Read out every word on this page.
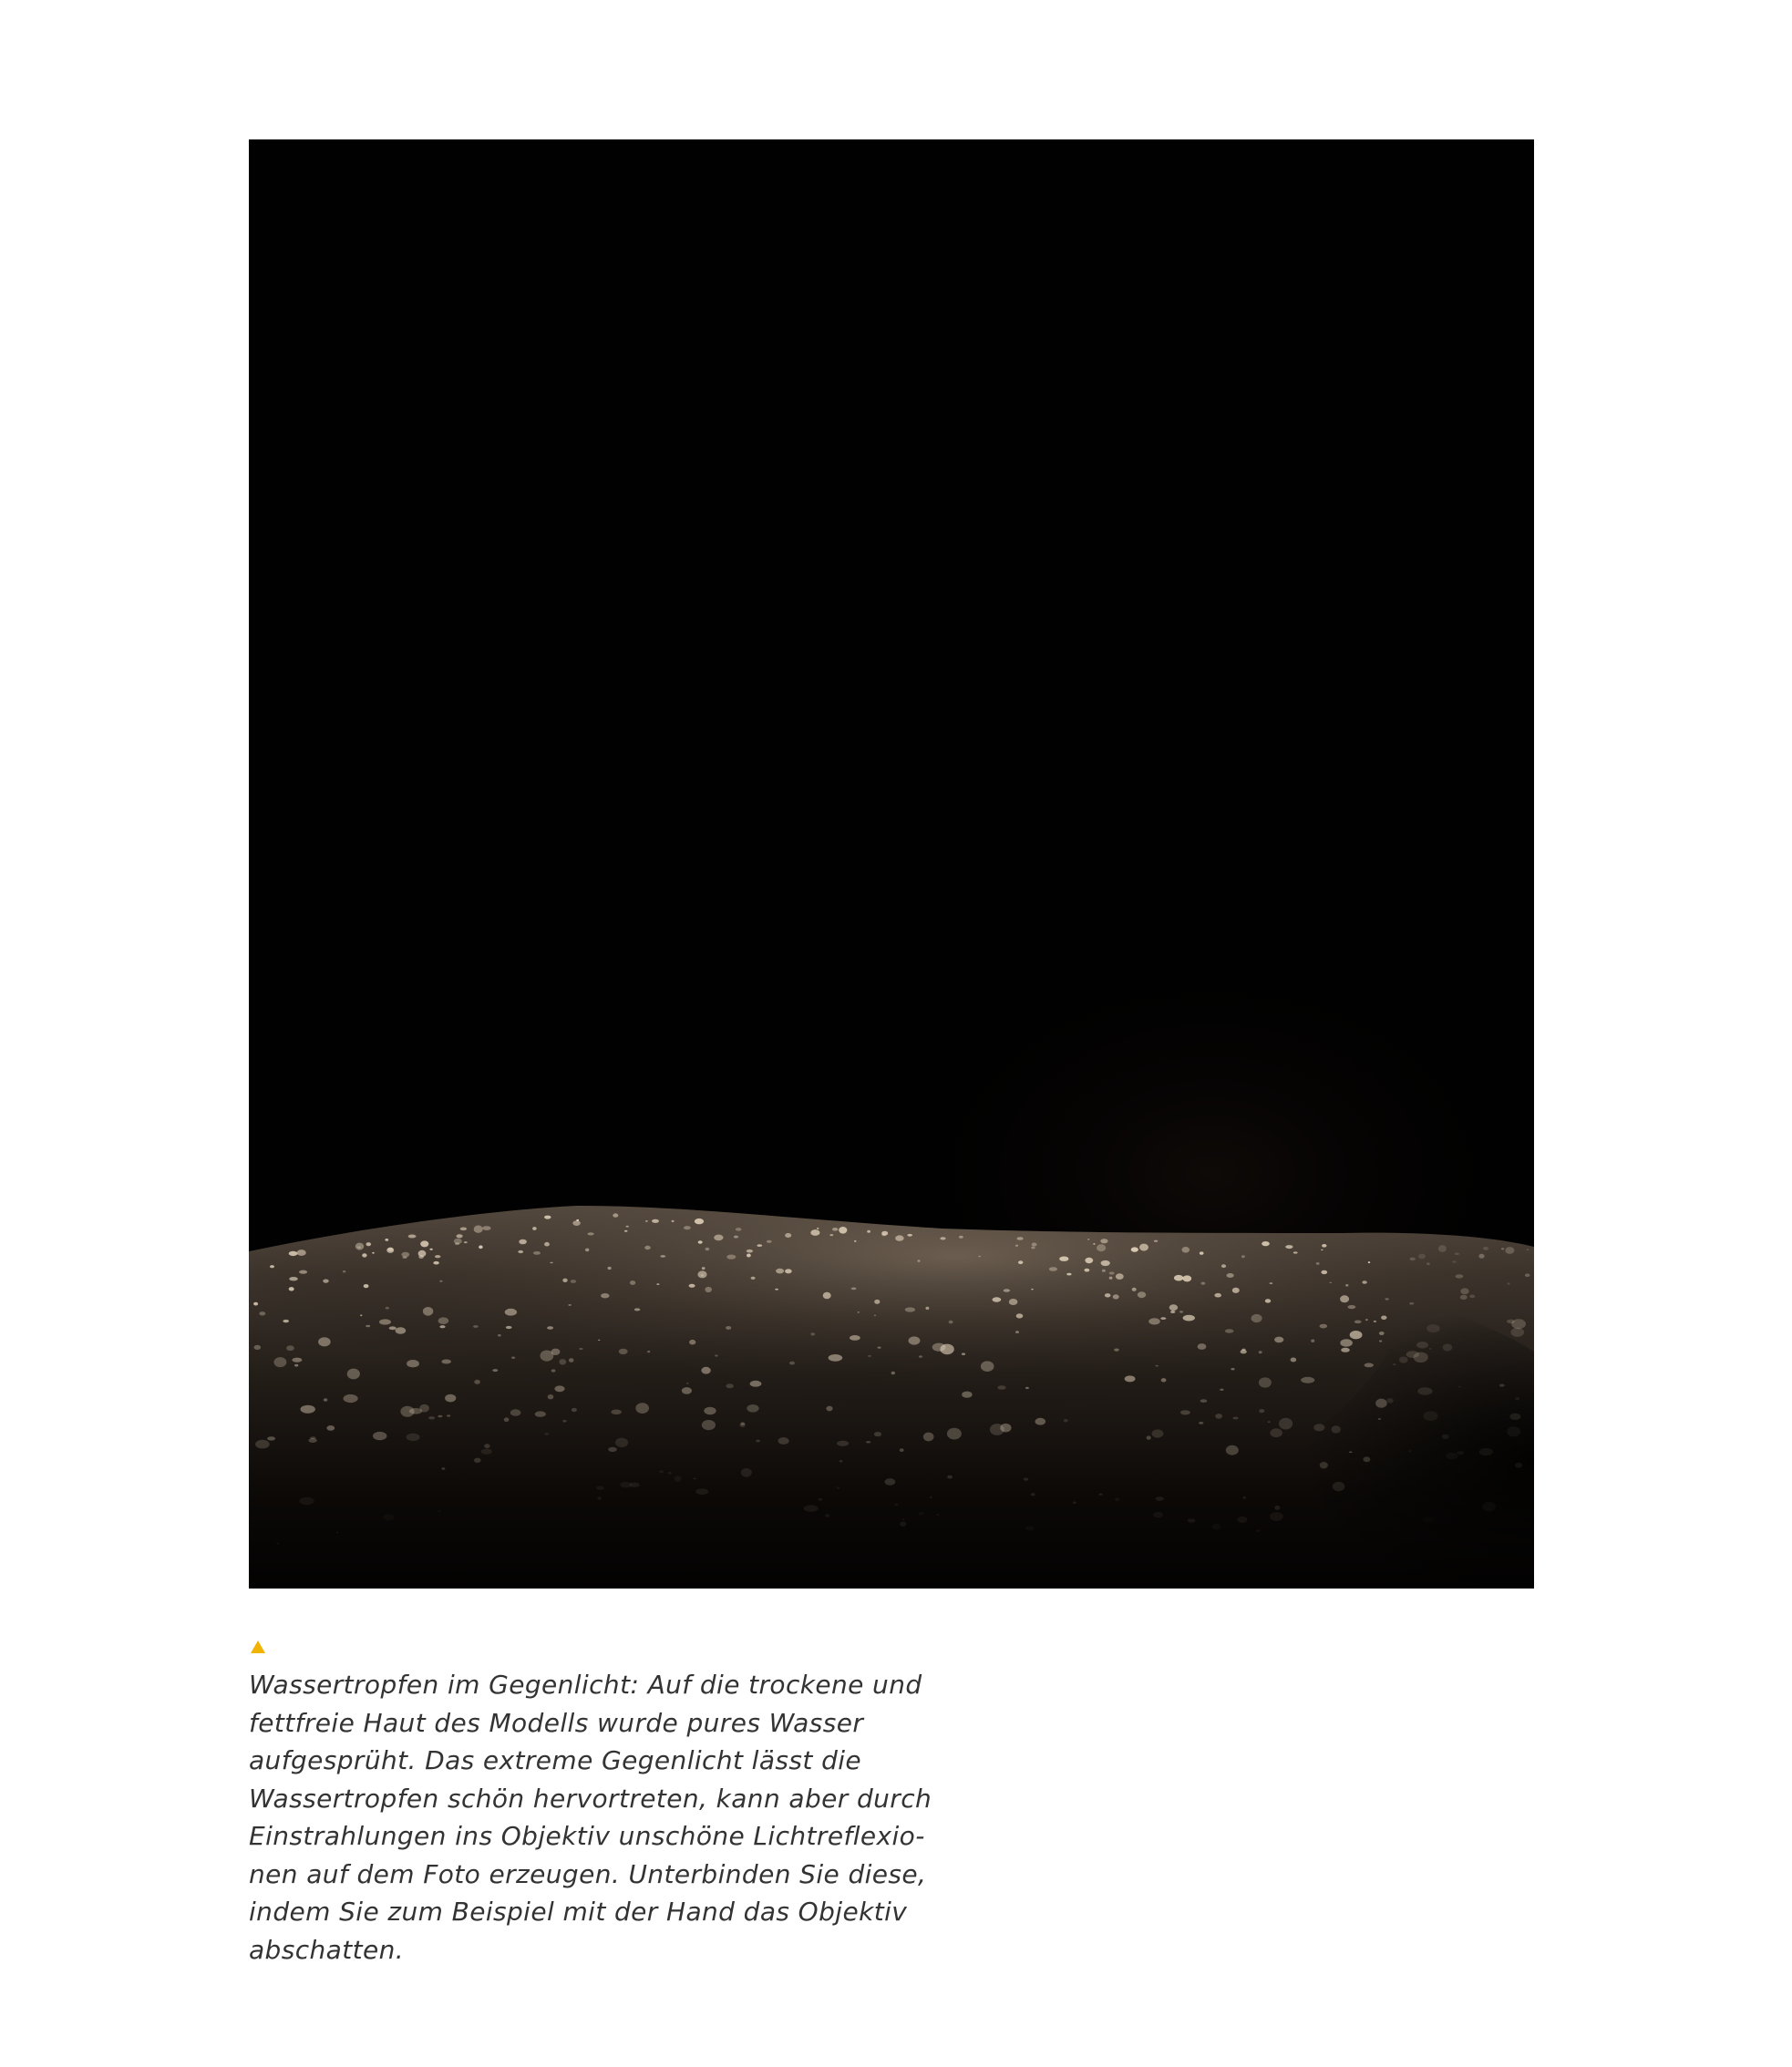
Wassertropfen im Gegenlicht: Auf die trockene und
fettfreie Haut des Modells wurde pures Wasser
aufgesprüht. Das extreme Gegenlicht lässt die
Wassertropfen schön hervortreten, kann aber durch
Einstrahlungen ins Objektiv unschöne Lichtreflexio-
nen auf dem Foto erzeugen. Unterbinden Sie diese,
indem Sie zum Beispiel mit der Hand das Objektiv
abschatten.
